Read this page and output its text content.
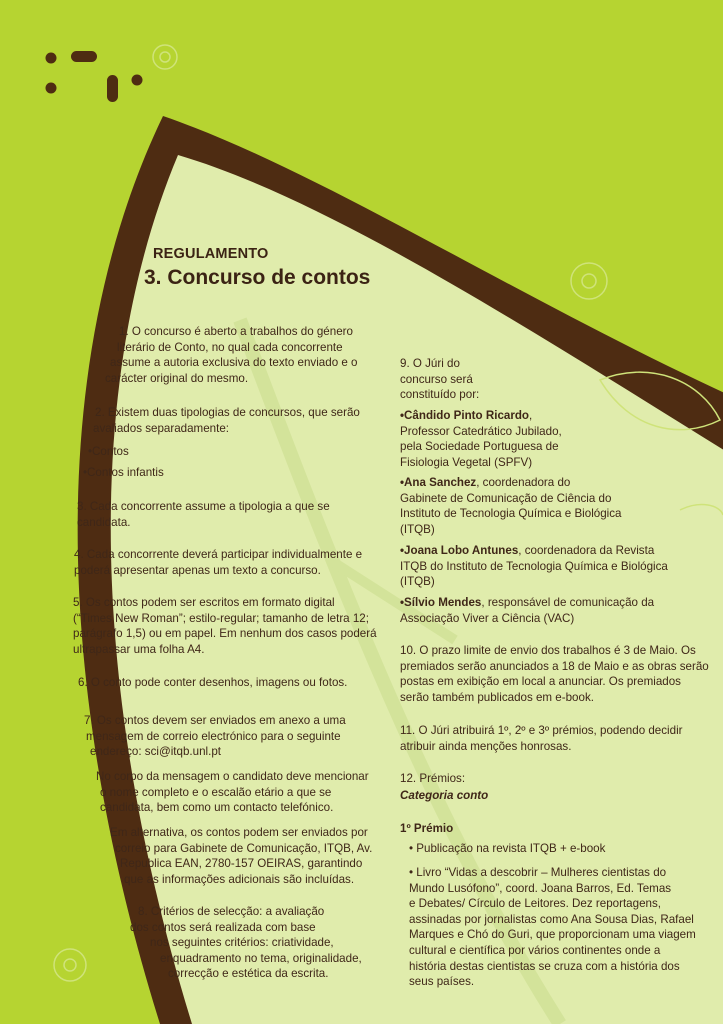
REGULAMENTO
3. Concurso de contos
1. O concurso é aberto a trabalhos do género
literário de Conto, no qual cada concorrente
assume a autoria exclusiva do texto enviado e o
carácter original do mesmo.
2. Existem duas tipologias de concursos, que serão
avaliados separadamente:
•Contos
•Contos infantis
3. Cada concorrente assume a tipologia a que se
candidata.
4. Cada concorrente deverá participar individualmente e
poderá apresentar apenas um texto a concurso.
5. Os contos podem ser escritos em formato digital
(“Times New Roman”; estilo-regular; tamanho de letra 12;
parágrafo 1,5) ou em papel. Em nenhum dos casos poderá
ultrapassar uma folha A4.
6. O conto pode conter desenhos, imagens ou fotos.
7. Os contos devem ser enviados em anexo a uma
mensagem de correio electrónico para o seguinte
endereço: sci@itqb.unl.pt
No corpo da mensagem o candidato deve mencionar
o nome completo e o escalão etário a que se
candidata, bem como um contacto telefónico.
Em alternativa, os contos podem ser enviados por
correio para Gabinete de Comunicação, ITQB, Av.
Republica EAN, 2780-157 OEIRAS, garantindo
que as informações adicionais são incluídas.
8. Critérios de selecção: a avaliação
dos contos será realizada com base
nos seguintes critérios: criatividade,
enquadramento no tema, originalidade,
correcção e estética da escrita.
9. O Júri do
concurso será
constituído por:
•Cândido Pinto Ricardo,
Professor Catedrático Jubilado,
pela Sociedade Portuguesa de
Fisiologia Vegetal (SPFV)
•Ana Sanchez, coordenadora do
Gabinete de Comunicação de Ciência do
Instituto de Tecnologia Química e Biológica
(ITQB)
•Joana Lobo Antunes, coordenadora da Revista
ITQB do Instituto de Tecnologia Química e Biológica
(ITQB)
•Sílvio Mendes, responsável de comunicação da
Associação Viver a Ciência (VAC)
10. O prazo limite de envio dos trabalhos é 3 de Maio. Os
premiados serão anunciados a 18 de Maio e as obras serão
postas em exibição em local a anunciar. Os premiados
serão também publicados em e-book.
11. O Júri atribuirá 1º, 2º e 3º prémios, podendo decidir
atribuir ainda menções honrosas.
12. Prémios:
Categoria conto
1º Prémio
• Publicação na revista ITQB + e-book
• Livro “Vidas a descobrir – Mulheres cientistas do
Mundo Lusófono”, coord. Joana Barros, Ed. Temas
e Debates/ Círculo de Leitores. Dez reportagens,
assinadas por jornalistas como Ana Sousa Dias, Rafael
Marques e Chó do Guri, que proporcionam uma viagem
cultural e científica por vários continentes onde a
história destas cientistas se cruza com a história dos
seus países.
